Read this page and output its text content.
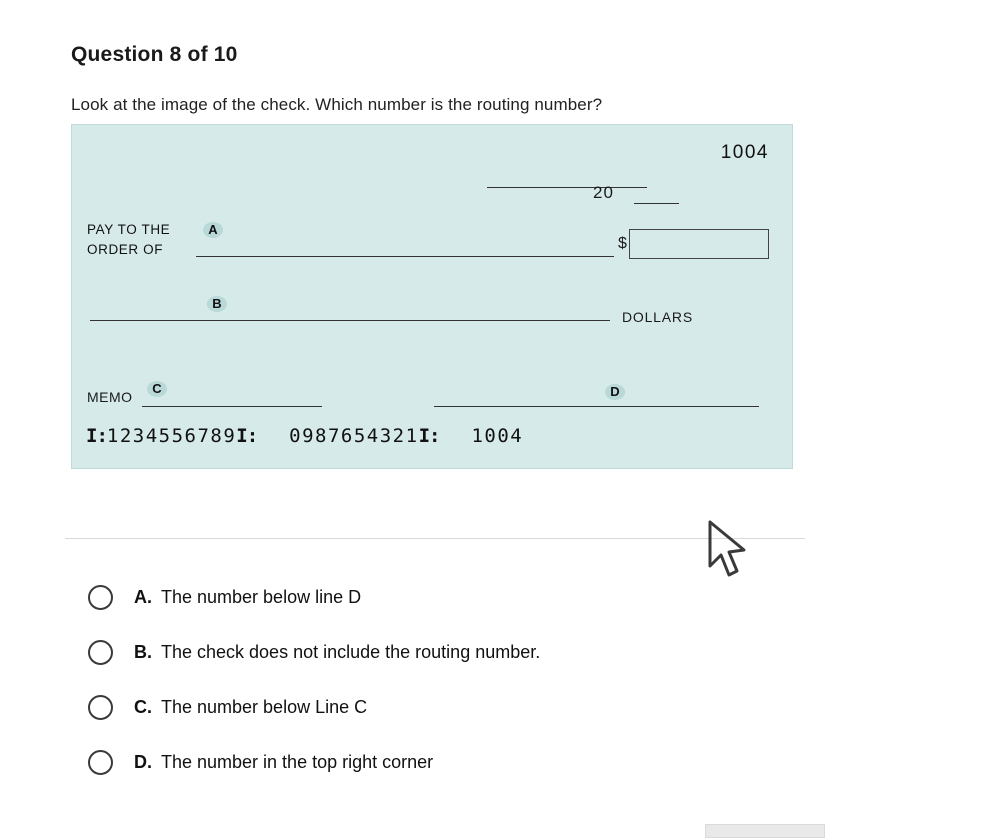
Question 8 of 10
Look at the image of the check. Which number is the routing number?
1004
20
PAY TO THE
ORDER OF
A
$
B
DOLLARS
MEMO
C	D
I:1234556789I: 0987654321I: 1004
A. The number below line D
B. The check does not include the routing number.
C. The number below Line C
D. The number in the top right corner
